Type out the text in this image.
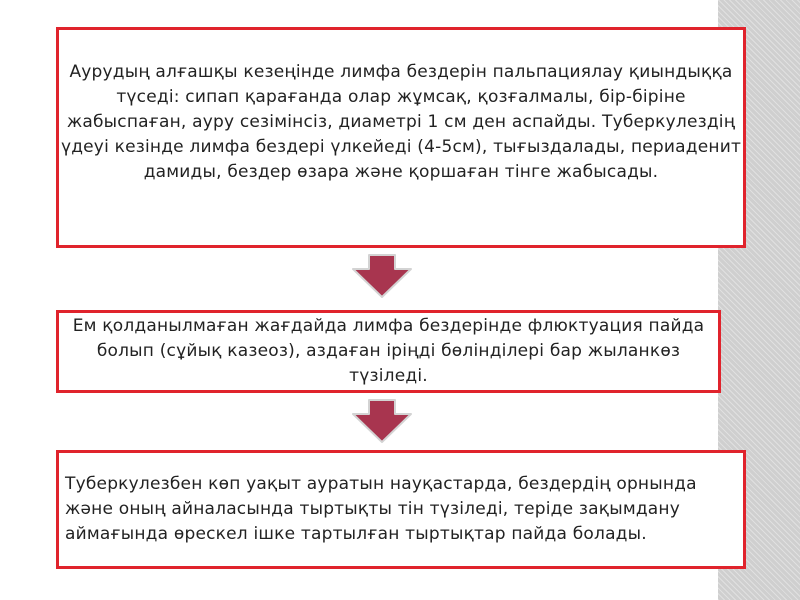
Аурудың алғашқы кезеңінде лимфа бездерін пальпациялау қиындыққа түседі: сипап қарағанда олар жұмсақ, қозғалмалы, бір-біріне жабыспаған, ауру сезімінсіз, диаметрі 1 см ден аспайды. Туберкулездің үдеуі кезінде лимфа бездері үлкейеді (4-5см), тығыздалады, периаденит дамиды, бездер өзара және қоршаған тінге жабысады.
Ем қолданылмаған жағдайда лимфа бездерінде флюктуация пайда болып (сұйық казеоз), аздаған іріңді бөлінділері бар жыланкөз түзіледі.
Туберкулезбен көп уақыт ауратын науқастарда, бездердің орнында және оның айналасында тыртықты тін түзіледі, теріде зақымдану аймағында өрескел ішке тартылған тыртықтар пайда болады.
